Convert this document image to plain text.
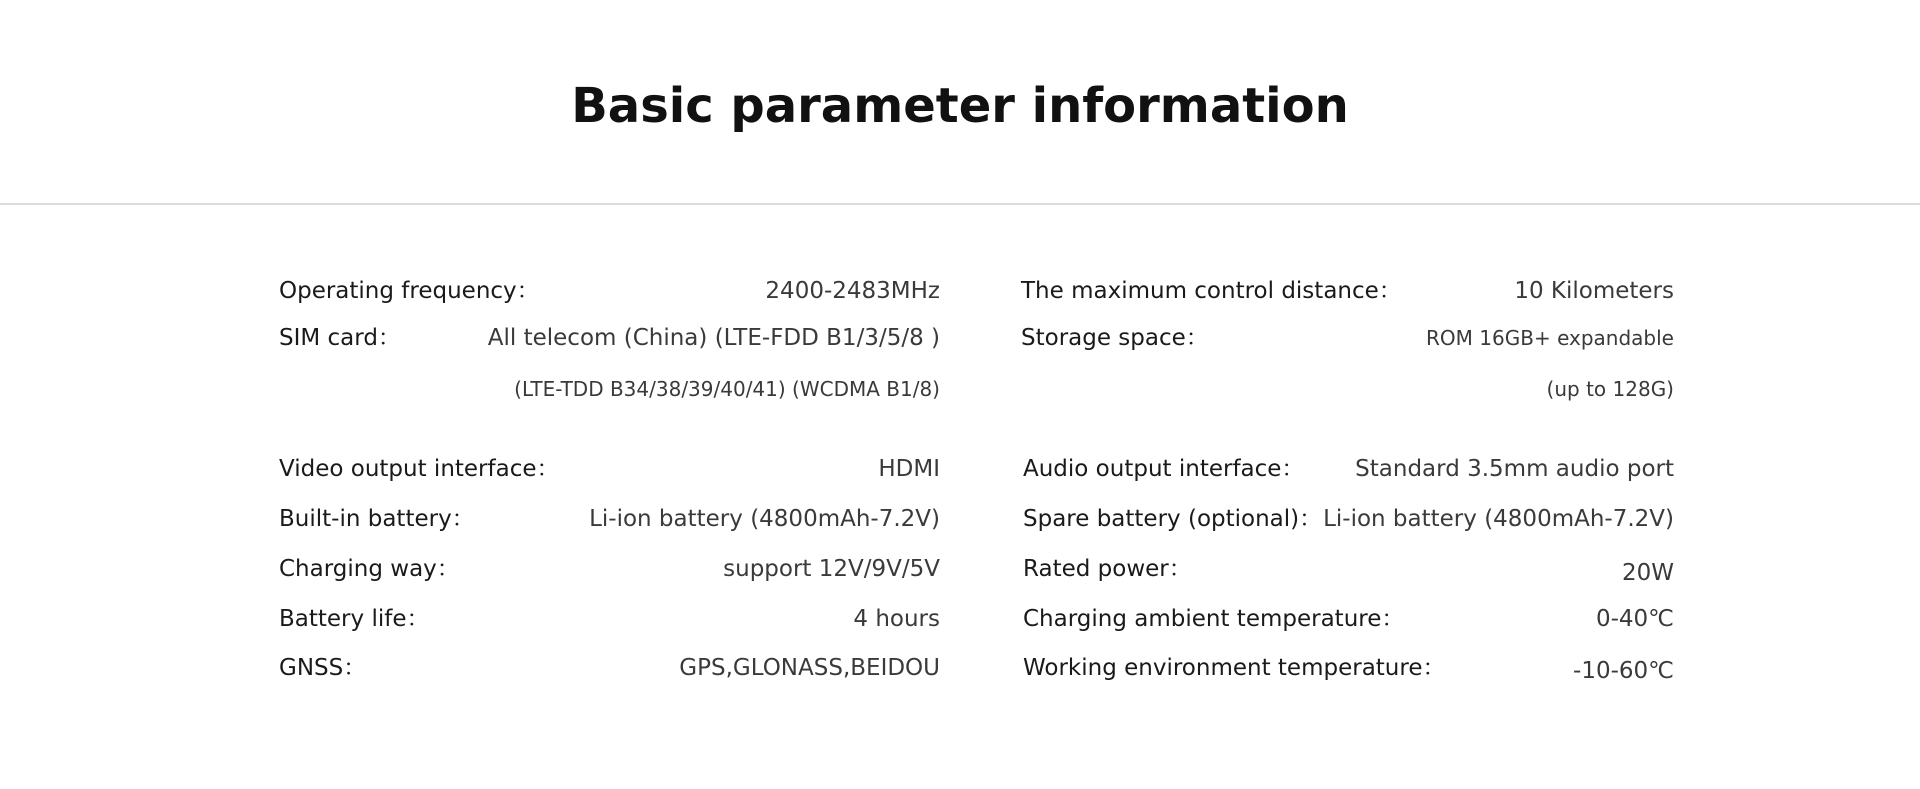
Basic parameter information
Operating frequency：	2400-2483MHz
SIM card：	All telecom (China) (LTE-FDD B1/3/5/8 )
(LTE-TDD B34/38/39/40/41) (WCDMA B1/8)
The maximum control distance：	10 Kilometers
Storage space：	ROM 16GB+ expandable
(up to 128G)
Video output interface：	HDMI
Built-in battery：	Li-ion battery (4800mAh-7.2V)
Charging way：	support 12V/9V/5V
Battery life：	4 hours
GNSS：	GPS,GLONASS,BEIDOU
Audio output interface： Standard 3.5mm audio port
Spare battery (optional)： Li-ion battery (4800mAh-7.2V)
Rated power：	20W
Charging ambient temperature：	0-40℃
Working environment temperature：	-10-60℃
